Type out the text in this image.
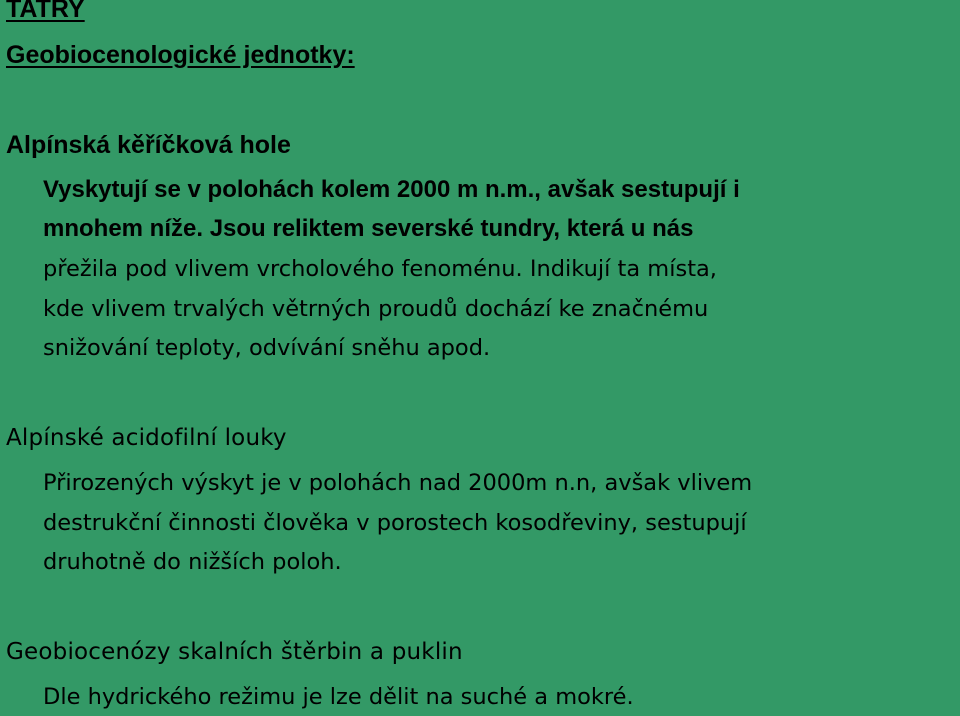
TATRY
Geobiocenologické jednotky:
Alpínská kěříčková hole
Vyskytují se v polohách kolem 2000 m n.m., avšak sestupují i
mnohem níže. Jsou reliktem severské tundry, která u nás
přežila pod vlivem vrcholového fenoménu. Indikují ta místa,
kde vlivem trvalých větrných proudů dochází ke značnému
snižování teploty, odvívání sněhu apod.
Alpínské acidofilní louky
Přirozených výskyt je v polohách nad 2000m n.n, avšak vlivem
destrukční činnosti člověka v porostech kosodřeviny, sestupují
druhotně do nižších poloh.
Geobiocenózy skalních štěrbin a puklin
Dle hydrického režimu je lze dělit na suché a mokré.
